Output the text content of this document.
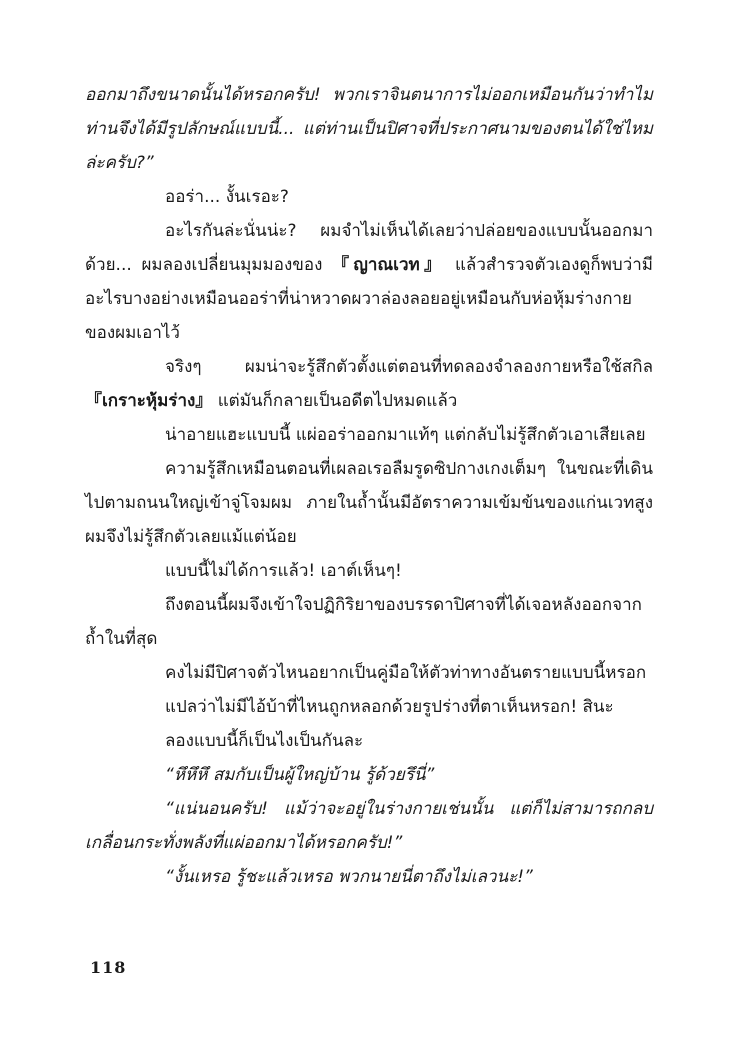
ออกมาถึงขนาดนั้นได้หรอกครับ! พวกเราจินตนาการไม่ออกเหมือนกันว่าทำไมท่านจึงได้มีรูปลักษณ์แบบนี้... แต่ท่านเป็นปิศาจที่ประกาศนามของตนได้ใช่ไหมล่ะครับ?”

ออร่า... งั้นเรอะ?

อะไรกันล่ะนั่นน่ะ? ผมจำไม่เห็นได้เลยว่าปล่อยของแบบนั้นออกมาด้วย... ผมลองเปลี่ยนมุมมองของ 『ญาณเวท』 แล้วสำรวจตัวเองดูก็พบว่ามีอะไรบางอย่างเหมือนออร่าที่น่าหวาดผวาล่องลอยอยู่เหมือนกับห่อหุ้มร่างกายของผมเอาไว้

จริงๆ ผมน่าจะรู้สึกตัวตั้งแต่ตอนที่ทดลองจำลองกายหรือใช้สกิล『เกราะหุ้มร่าง』 แต่มันก็กลายเป็นอดีตไปหมดแล้ว

น่าอายแฮะแบบนี้ แผ่ออร่าออกมาแท้ๆ แต่กลับไม่รู้สึกตัวเอาเสียเลย

ความรู้สึกเหมือนตอนที่เผลอเรอลืมรูดซิปกางเกงเต็มๆ ในขณะที่เดินไปตามถนนใหญ่เข้าจู่โจมผม ภายในถ้ำนั้นมีอัตราความเข้มข้นของแก่นเวทสูง ผมจึงไม่รู้สึกตัวเลยแม้แต่น้อย

แบบนี้ไม่ได้การแล้ว! เอาต์เห็นๆ!

ถึงตอนนี้ผมจึงเข้าใจปฏิกิริยาของบรรดาปิศาจที่ได้เจอหลังออกจากถ้ำในที่สุด

คงไม่มีปิศาจตัวไหนอยากเป็นคู่มือให้ตัวท่าทางอันตรายแบบนี้หรอก

แปลว่าไม่มีไอ้บ้าที่ไหนถูกหลอกด้วยรูปร่างที่ตาเห็นหรอก! สินะ

ลองแบบนี้ก็เป็นไงเป็นกันละ

“หึหึหึ สมกับเป็นผู้ใหญ่บ้าน รู้ด้วยรึนี่”

“แน่นอนครับ! แม้ว่าจะอยู่ในร่างกายเช่นนั้น แต่ก็ไม่สามารถกลบเกลื่อนกระทั่งพลังที่แผ่ออกมาได้หรอกครับ!”

“งั้นเหรอ รู้ชะแล้วเหรอ พวกนายนี่ตาถึงไม่เลวนะ!”

118
